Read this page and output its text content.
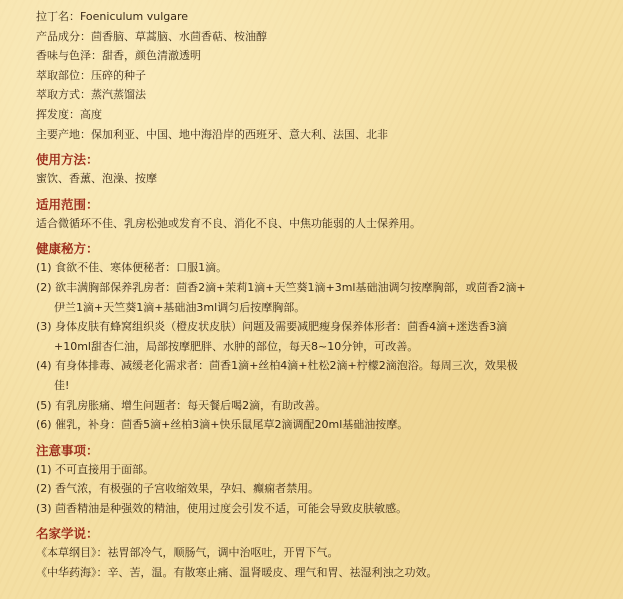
拉丁名：Foeniculum vulgare
产品成分：茴香脑、草蒿脑、水茴香萜、桉油醇
香味与色泽：甜香，颜色清澈透明
萃取部位：压碎的种子
萃取方式：蒸汽蒸馏法
挥发度：高度
主要产地：保加利亚、中国、地中海沿岸的西班牙、意大利、法国、北非
使用方法：
蜜饮、香薰、泡澡、按摩
适用范围：
适合微循环不佳、乳房松弛或发育不良、消化不良、中焦功能弱的人士保养用。
健康秘方：
(1) 食欲不佳、寒体便秘者：口服1滴。
(2) 欲丰满胸部保养乳房者：茴香2滴+茉莉1滴+天竺葵1滴+3ml基础油调匀按摩胸部，或茴香2滴+
伊兰1滴+天竺葵1滴+基础油3ml调匀后按摩胸部。
(3) 身体皮肤有蜂窝组织炎（橙皮状皮肤）问题及需要减肥瘦身保养体形者：茴香4滴+迷迭香3滴
+10ml甜杏仁油，局部按摩肥胖、水肿的部位，每天8~10分钟，可改善。
(4) 有身体排毒、减缓老化需求者：茴香1滴+丝柏4滴+杜松2滴+柠檬2滴泡浴。每周三次，效果极
佳!
(5) 有乳房胀痛、增生问题者：每天餐后喝2滴，有助改善。
(6) 催乳，补身：茴香5滴+丝柏3滴+快乐鼠尾草2滴调配20ml基础油按摩。
注意事项：
(1) 不可直接用于面部。
(2) 香气浓，有极强的子宫收缩效果，孕妇、癫痫者禁用。
(3) 茴香精油是种强效的精油，使用过度会引发不适，可能会导致皮肤敏感。
名家学说：
《本草纲目》：祛胃部冷气，顺肠气，调中治呕吐，开胃下气。
《中华药海》：辛、苦，温。有散寒止痛、温肾暖皮、理气和胃、祛湿利浊之功效。
